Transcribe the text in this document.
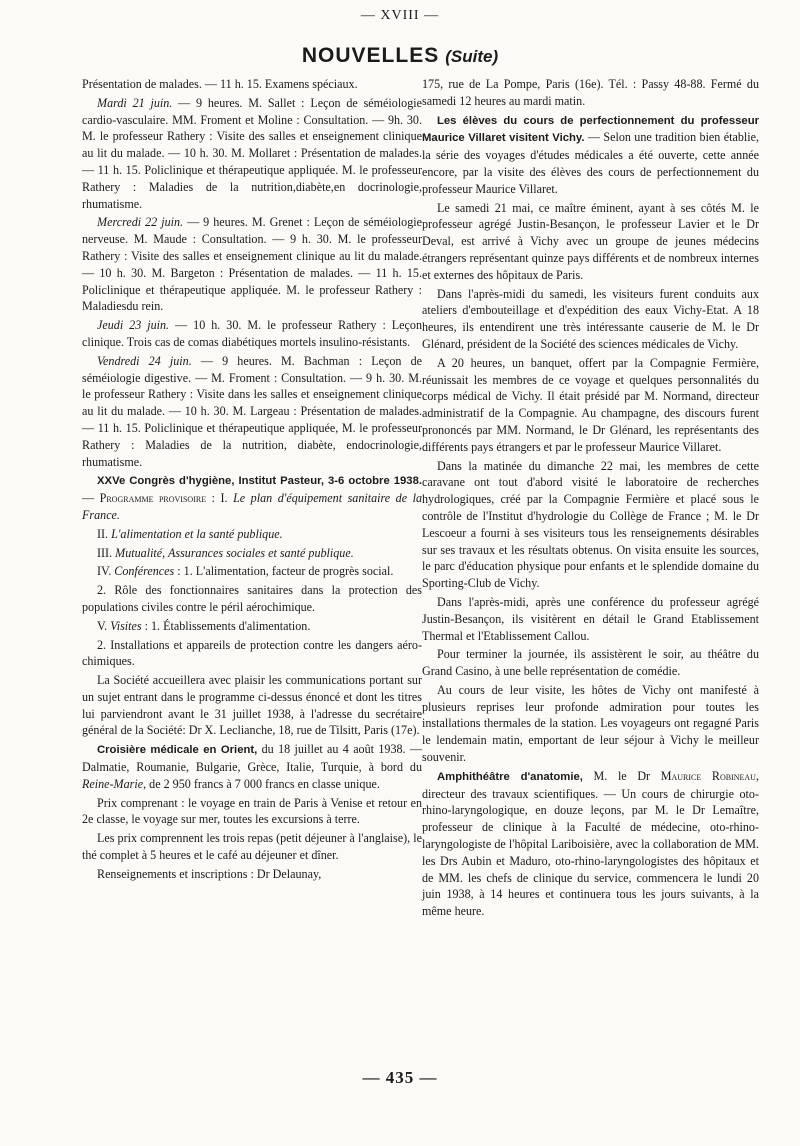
— XVIII —
NOUVELLES (Suite)

Présentation de malades. — 11 h. 15. Examens spéciaux.

Mardi 21 juin. — 9 heures. M. Sallet : Leçon de séméiologie cardio-vasculaire. MM. Froment et Moline : Consultation. — 9h. 30. M. le professeur Rathery : Visite des salles et enseignement clinique au lit du malade. — 10 h. 30. M. Mollaret : Présentation de malades. — 11 h. 15. Policlinique et thérapeutique appliquée. M. le professeur Rathery : Maladies de la nutrition,diabète,en docrinologie, rhumatisme.

Mercredi 22 juin. — 9 heures. M. Grenet : Leçon de séméiologie nerveuse. M. Maude : Consultation. — 9 h. 30. M. le professeur Rathery : Visite des salles et enseignement clinique au lit du malade. — 10 h. 30. M. Bargeton : Présentation de malades. — 11 h. 15. Policlinique et thérapeutique appliquée. M. le professeur Rathery : Maladiesdu rein.

Jeudi 23 juin. — 10 h. 30. M. le professeur Rathery : Leçon clinique. Trois cas de comas diabétiques mortels insulino-résistants.

Vendredi 24 juin. — 9 heures. M. Bachman : Leçon de séméiologie digestive. — M. Froment : Consultation. — 9 h. 30. M. le professeur Rathery : Visite dans les salles et enseignement clinique au lit du malade. — 10 h. 30. M. Largeau : Présentation de malades. — 11 h. 15. Policlinique et thérapeutique appliquée, M. le professeur Rathery : Maladies de la nutrition, diabète, endocrinologie, rhumatisme.

XXVe Congrès d'hygiène, Institut Pasteur, 3-6 octobre 1938. — Programme provisoire : I. Le plan d'équipement sanitaire de la France.

II. L'alimentation et la santé publique.

III. Mutualité, Assurances sociales et santé publique.

IV. Conférences : 1. L'alimentation, facteur de progrès social.

2. Rôle des fonctionnaires sanitaires dans la protection des populations civiles contre le péril aérochimique.

V. Visites : 1. Établissements d'alimentation.

2. Installations et appareils de protection contre les dangers aéro-chimiques.

La Société accueillera avec plaisir les communications portant sur un sujet entrant dans le programme ci-dessus énoncé et dont les titres lui parviendront avant le 31 juillet 1938, à l'adresse du secrétaire général de la Société: Dr X. Leclianche, 18, rue de Tilsitt, Paris (17e).

Croisière médicale en Orient, du 18 juillet au 4 août 1938. — Dalmatie, Roumanie, Bulgarie, Grèce, Italie, Turquie, à bord du Reine-Marie, de 2 950 francs à 7 000 francs en classe unique.

Prix comprenant : le voyage en train de Paris à Venise et retour en 2e classe, le voyage sur mer, toutes les excursions à terre.

Les prix comprennent les trois repas (petit déjeuner à l'anglaise), le thé complet à 5 heures et le café au déjeuner et dîner.

Renseignements et inscriptions : Dr Delaunay,

175, rue de La Pompe, Paris (16e). Tél. : Passy 48-88. Fermé du samedi 12 heures au mardi matin.

Les élèves du cours de perfectionnement du professeur Maurice Villaret visitent Vichy. — Selon une tradition bien établie, la série des voyages d'études médicales a été ouverte, cette année encore, par la visite des élèves des cours de perfectionnement du professeur Maurice Villaret.

Le samedi 21 mai, ce maître éminent, ayant à ses côtés M. le professeur agrégé Justin-Besançon, le professeur Lavier et le Dr Deval, est arrivé à Vichy avec un groupe de jeunes médecins étrangers représentant quinze pays différents et de nombreux internes et externes des hôpitaux de Paris.

Dans l'après-midi du samedi, les visiteurs furent conduits aux ateliers d'embouteillage et d'expédition des eaux Vichy-Etat. A 18 heures, ils entendirent une très intéressante causerie de M. le Dr Glénard, président de la Société des sciences médicales de Vichy.

A 20 heures, un banquet, offert par la Compagnie Fermière, réunissait les membres de ce voyage et quelques personnalités du corps médical de Vichy. Il était présidé par M. Normand, directeur administratif de la Compagnie. Au champagne, des discours furent prononcés par MM. Normand, le Dr Glénard, les représentants des différents pays étrangers et par le professeur Maurice Villaret.

Dans la matinée du dimanche 22 mai, les membres de cette caravane ont tout d'abord visité le laboratoire de recherches hydrologiques, créé par la Compagnie Fermière et placé sous le contrôle de l'Institut d'hydrologie du Collège de France ; M. le Dr Lescoeur a fourni à ses visiteurs tous les renseignements désirables sur ses travaux et les résultats obtenus. On visita ensuite les sources, le parc d'éducation physique pour enfants et le splendide domaine du Sporting-Club de Vichy.

Dans l'après-midi, après une conférence du professeur agrégé Justin-Besançon, ils visitèrent en détail le Grand Etablissement Thermal et l'Etablissement Callou.

Pour terminer la journée, ils assistèrent le soir, au théâtre du Grand Casino, à une belle représentation de comédie.

Au cours de leur visite, les hôtes de Vichy ont manifesté à plusieurs reprises leur profonde admiration pour toutes les installations thermales de la station. Les voyageurs ont regagné Paris le lendemain matin, emportant de leur séjour à Vichy le meilleur souvenir.

Amphithéâtre d'anatomie, M. le Dr Maurice Robineau, directeur des travaux scientifiques. — Un cours de chirurgie oto-rhino-laryngologique, en douze leçons, par M. le Dr Lemaître, professeur de clinique à la Faculté de médecine, oto-rhino-laryngologiste de l'hôpital Lariboisière, avec la collaboration de MM. les Drs Aubin et Maduro, oto-rhino-laryngologistes des hôpitaux et de MM. les chefs de clinique du service, commencera le lundi 20 juin 1938, à 14 heures et continuera tous les jours suivants, à la même heure.

— 435 —
